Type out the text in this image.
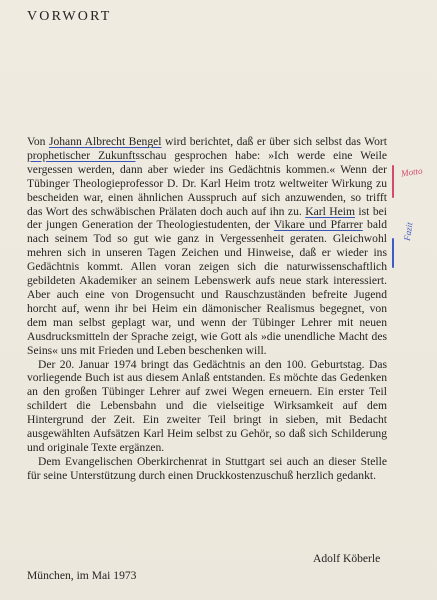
VORWORT

Von Johann Albrecht Bengel wird berichtet, daß er über sich selbst das Wort prophetischer Zukunftsschau gesprochen habe: »Ich werde eine Weile vergessen werden, dann aber wieder ins Gedächtnis kommen.« Wenn der Tübinger Theologieprofessor D. Dr. Karl Heim trotz weltweiter Wirkung zu bescheiden war, einen ähnlichen Ausspruch auf sich anzuwenden, so trifft das Wort des schwäbischen Prälaten doch auch auf ihn zu. Karl Heim ist bei der jungen Generation der Theologiestudenten, der Vikare und Pfarrer bald nach seinem Tod so gut wie ganz in Vergessenheit geraten. Gleichwohl mehren sich in unseren Tagen Zeichen und Hinweise, daß er wieder ins Gedächtnis kommt. Allen voran zeigen sich die naturwissenschaftlich gebildeten Akademiker an seinem Lebenswerk aufs neue stark interessiert. Aber auch eine von Drogensucht und Rauschzuständen befreite Jugend horcht auf, wenn ihr bei Heim ein dämonischer Realismus begegnet, von dem man selbst geplagt war, und wenn der Tübinger Lehrer mit neuen Ausdrucksmitteln der Sprache zeigt, wie Gott als »die unendliche Macht des Seins« uns mit Frieden und Leben beschenken will.

Der 20. Januar 1974 bringt das Gedächtnis an den 100. Geburtstag. Das vorliegende Buch ist aus diesem Anlaß entstanden. Es möchte das Gedenken an den großen Tübinger Lehrer auf zwei Wegen erneuern. Ein erster Teil schildert die Lebensbahn und die vielseitige Wirksamkeit auf dem Hintergrund der Zeit. Ein zweiter Teil bringt in sieben, mit Bedacht ausgewählten Aufsätzen Karl Heim selbst zu Gehör, so daß sich Schilderung und originale Texte ergänzen.

Dem Evangelischen Oberkirchenrat in Stuttgart sei auch an dieser Stelle für seine Unterstützung durch einen Druckkostenzuschuß herzlich gedankt.

Adolf Köberle
München, im Mai 1973
Motto
Fazit
